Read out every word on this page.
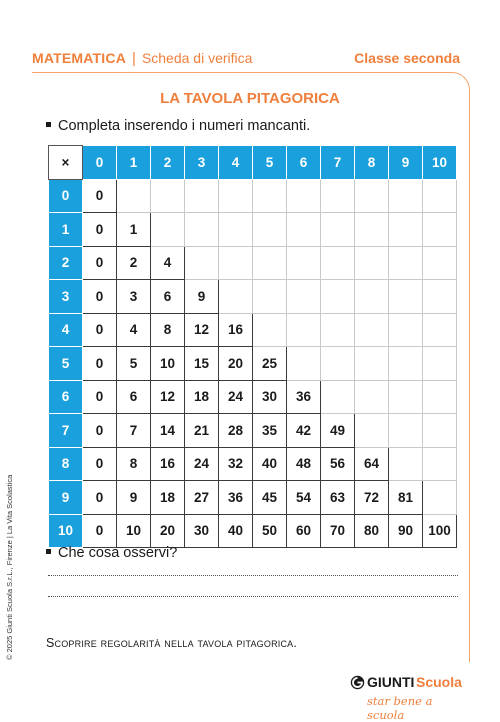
MATEMATICA | Scheda di verifica	Classe seconda
LA TAVOLA PITAGORICA
Completa inserendo i numeri mancanti.
×	0	1	2	3	4	5	6	7	8	9	10
0	0										
1	0	1									
2	0	2	4								
3	0	3	6	9							
4	0	4	8	12	16						
5	0	5	10	15	20	25					
6	0	6	12	18	24	30	36				
7	0	7	14	21	28	35	42	49			
8	0	8	16	24	32	40	48	56	64		
9	0	9	18	27	36	45	54	63	72	81	
10	0	10	20	30	40	50	60	70	80	90	100
Che cosa osservi?
Scoprire regolarità nella tavola pitagorica.
© 2025 Giunti Scuola S.r.L., Firenze | La Vita Scolastica
GIUNTI Scuola
star bene a scuola
